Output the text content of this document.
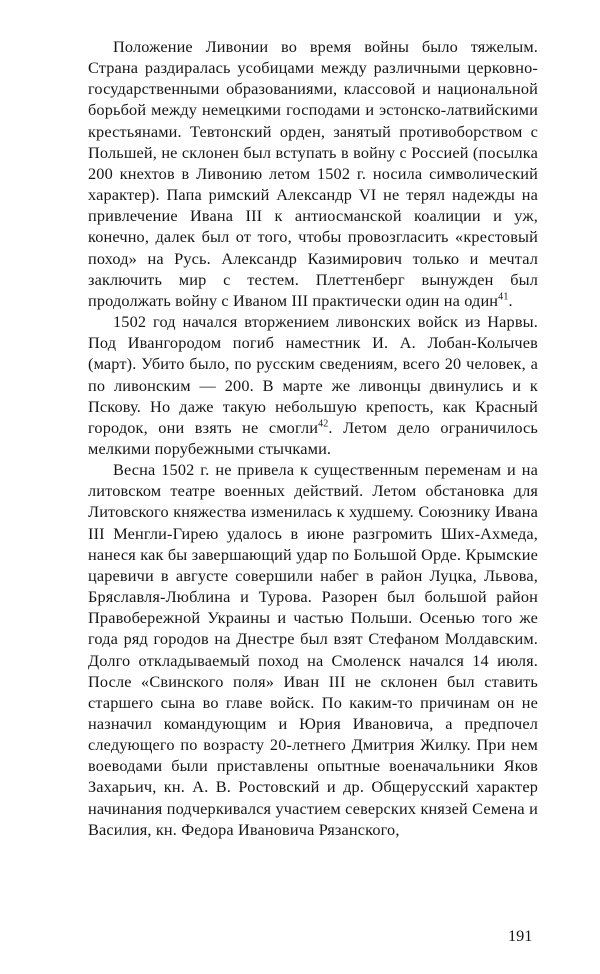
Положение Ливонии во время войны было тяжелым. Страна раздиралась усобицами между различными церковно-государственными образованиями, классовой и национальной борьбой между немецкими господами и эстонско-латвийскими крестьянами. Тевтонский орден, занятый противоборством с Польшей, не склонен был вступать в войну с Россией (посылка 200 кнехтов в Ливонию летом 1502 г. носила символический характер). Папа римский Александр VI не терял надежды на привлечение Ивана III к антиосманской коалиции и уж, конечно, далек был от того, чтобы провозгласить «крестовый поход» на Русь. Александр Казимирович только и мечтал заключить мир с тестем. Плеттенберг вынужден был продолжать войну с Иваном III практически один на один$^{41}$.

1502 год начался вторжением ливонских войск из Нарвы. Под Ивангородом погиб наместник И. А. Лобан-Колычев (март). Убито было, по русским сведениям, всего 20 человек, а по ливонским — 200. В марте же ливонцы двинулись и к Пскову. Но даже такую небольшую крепость, как Красный городок, они взять не смогли$^{42}$. Летом дело ограничилось мелкими порубежными стычками.

Весна 1502 г. не привела к существенным переменам и на литовском театре военных действий. Летом обстановка для Литовского княжества изменилась к худшему. Союзнику Ивана III Менгли-Гирею удалось в июне разгромить Ших-Ахмеда, нанеся как бы завершающий удар по Большой Орде. Крымские царевичи в августе совершили набег в район Луцка, Львова, Бряславля-Люблина и Турова. Разорен был большой район Правобережной Украины и частью Польши. Осенью того же года ряд городов на Днестре был взят Стефаном Молдавским. Долго откладываемый поход на Смоленск начался 14 июля. После «Свинского поля» Иван III не склонен был ставить старшего сына во главе войск. По каким-то причинам он не назначил командующим и Юрия Ивановича, а предпочел следующего по возрасту 20-летнего Дмитрия Жилку. При нем воеводами были приставлены опытные военачальники Яков Захарьич, кн. А. В. Ростовский и др. Общерусский характер начинания подчеркивался участием северских князей Семена и Василия, кн. Федора Ивановича Рязанского,

191
